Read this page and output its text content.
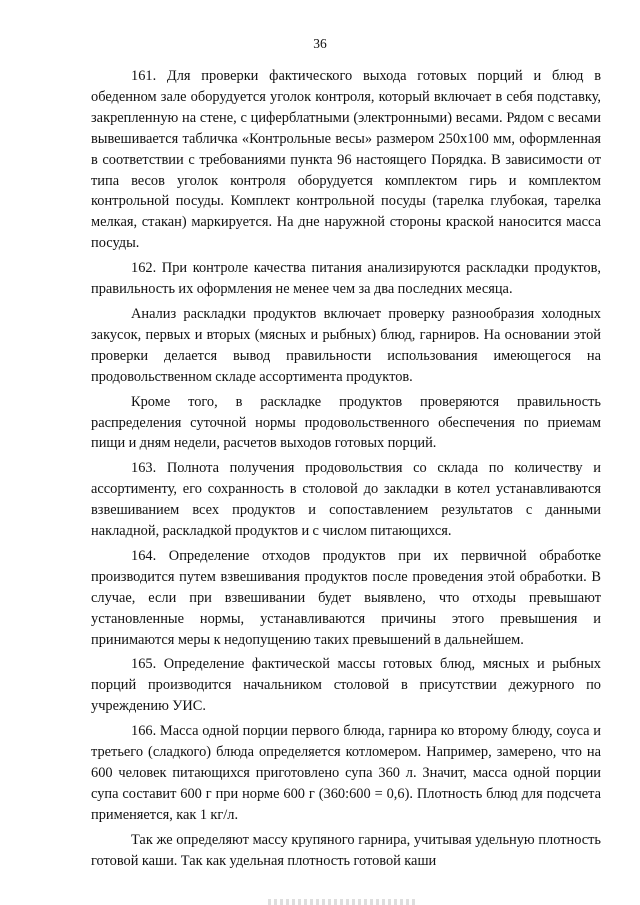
36

161. Для проверки фактического выхода готовых порций и блюд в обеденном зале оборудуется уголок контроля, который включает в себя подставку, закрепленную на стене, с циферблатными (электронными) весами. Рядом с весами вывешивается табличка «Контрольные весы» размером 250x100 мм, оформленная в соответствии с требованиями пункта 96 настоящего Порядка. В зависимости от типа весов уголок контроля оборудуется комплектом гирь и комплектом контрольной посуды. Комплект контрольной посуды (тарелка глубокая, тарелка мелкая, стакан) маркируется. На дне наружной стороны краской наносится масса посуды.

162. При контроле качества питания анализируются раскладки продуктов, правильность их оформления не менее чем за два последних месяца.

Анализ раскладки продуктов включает проверку разнообразия холодных закусок, первых и вторых (мясных и рыбных) блюд, гарниров. На основании этой проверки делается вывод правильности использования имеющегося на продовольственном складе ассортимента продуктов.

Кроме того, в раскладке продуктов проверяются правильность распределения суточной нормы продовольственного обеспечения по приемам пищи и дням недели, расчетов выходов готовых порций.

163. Полнота получения продовольствия со склада по количеству и ассортименту, его сохранность в столовой до закладки в котел устанавливаются взвешиванием всех продуктов и сопоставлением результатов с данными накладной, раскладкой продуктов и с числом питающихся.

164. Определение отходов продуктов при их первичной обработке производится путем взвешивания продуктов после проведения этой обработки. В случае, если при взвешивании будет выявлено, что отходы превышают установленные нормы, устанавливаются причины этого превышения и принимаются меры к недопущению таких превышений в дальнейшем.

165. Определение фактической массы готовых блюд, мясных и рыбных порций производится начальником столовой в присутствии дежурного по учреждению УИС.

166. Масса одной порции первого блюда, гарнира ко второму блюду, соуса и третьего (сладкого) блюда определяется котломером. Например, замерено, что на 600 человек питающихся приготовлено супа 360 л. Значит, масса одной порции супа составит 600 г при норме 600 г (360:600 = 0,6). Плотность блюд для подсчета применяется, как 1 кг/л.

Так же определяют массу крупяного гарнира, учитывая удельную плотность готовой каши. Так как удельная плотность готовой каши
